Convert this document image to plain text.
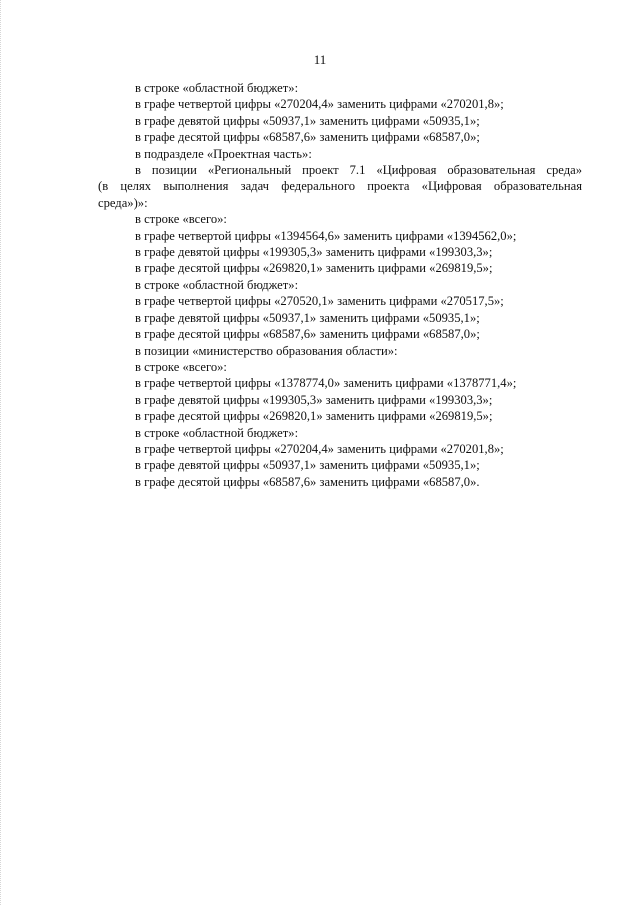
11
в строке «областной бюджет»:
в графе четвертой цифры «270204,4» заменить цифрами «270201,8»;
в графе девятой цифры «50937,1» заменить цифрами «50935,1»;
в графе десятой цифры «68587,6» заменить цифрами «68587,0»;
в подразделе «Проектная часть»:
в позиции «Региональный проект 7.1 «Цифровая образовательная среда»
(в целях выполнения задач федерального проекта «Цифровая образовательная
среда»)»:
в строке «всего»:
в графе четвертой цифры «1394564,6» заменить цифрами «1394562,0»;
в графе девятой цифры «199305,3» заменить цифрами «199303,3»;
в графе десятой цифры «269820,1» заменить цифрами «269819,5»;
в строке «областной бюджет»:
в графе четвертой цифры «270520,1» заменить цифрами «270517,5»;
в графе девятой цифры «50937,1» заменить цифрами «50935,1»;
в графе десятой цифры «68587,6» заменить цифрами «68587,0»;
в позиции «министерство образования области»:
в строке «всего»:
в графе четвертой цифры «1378774,0» заменить цифрами «1378771,4»;
в графе девятой цифры «199305,3» заменить цифрами «199303,3»;
в графе десятой цифры «269820,1» заменить цифрами «269819,5»;
в строке «областной бюджет»:
в графе четвертой цифры «270204,4» заменить цифрами «270201,8»;
в графе девятой цифры «50937,1» заменить цифрами «50935,1»;
в графе десятой цифры «68587,6» заменить цифрами «68587,0».
